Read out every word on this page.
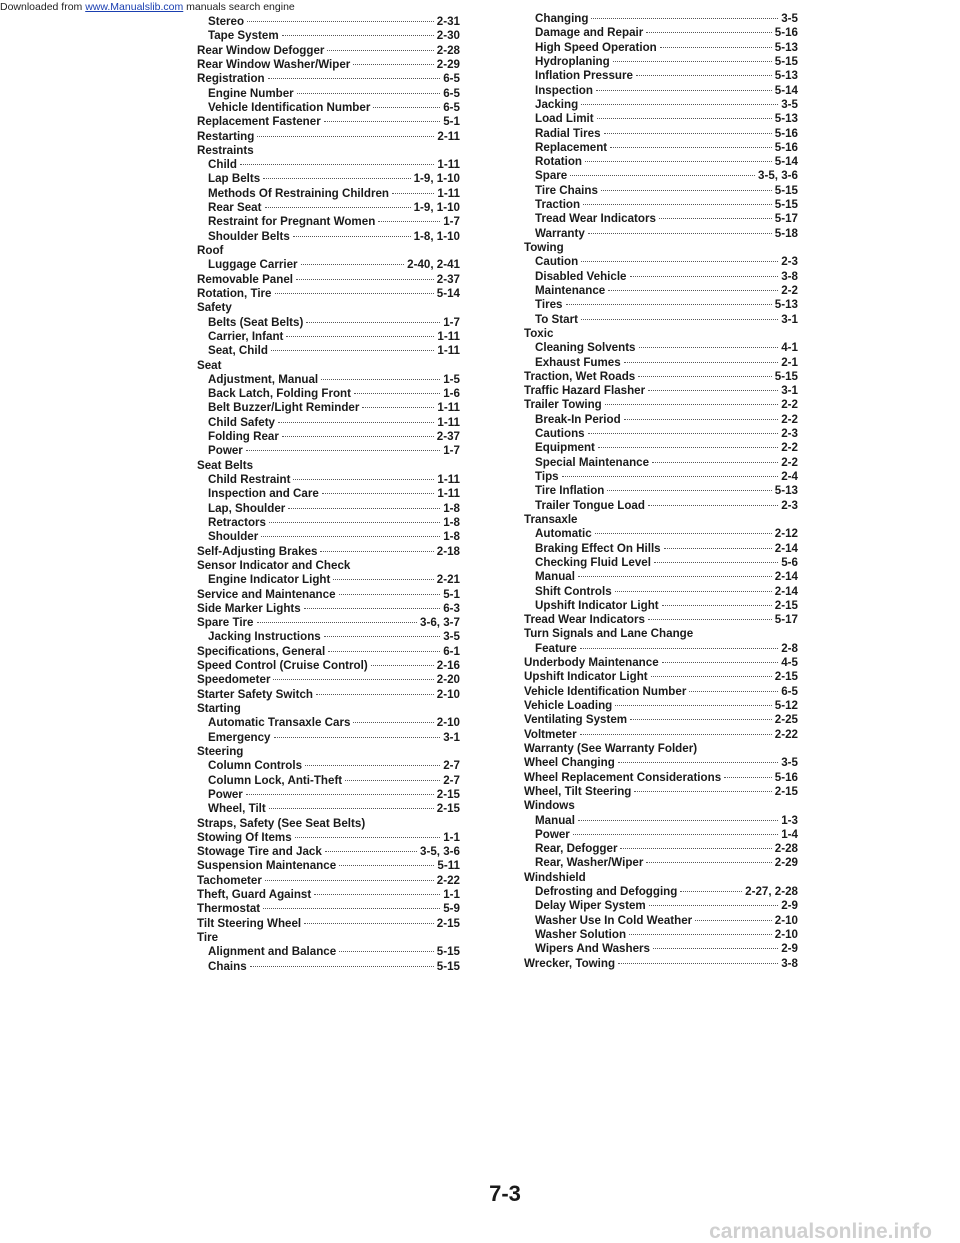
Downloaded from www.Manualslib.com manuals search engine
Stereo	2-31
Tape System	2-30
Rear Window Defogger	2-28
Rear Window Washer/Wiper	2-29
Registration	6-5
Engine Number	6-5
Vehicle Identification Number	6-5
Replacement Fastener	5-1
Restarting	2-11
Restraints
Child	1-11
Lap Belts	1-9, 1-10
Methods Of Restraining Children	1-11
Rear Seat	1-9, 1-10
Restraint for Pregnant Women	1-7
Shoulder Belts	1-8, 1-10
Roof
Luggage Carrier	2-40, 2-41
Removable Panel	2-37
Rotation, Tire	5-14
Safety
Belts (Seat Belts)	1-7
Carrier, Infant	1-11
Seat, Child	1-11
Seat
Adjustment, Manual	1-5
Back Latch, Folding Front	1-6
Belt Buzzer/Light Reminder	1-11
Child Safety	1-11
Folding Rear	2-37
Power	1-7
Seat Belts
Child Restraint	1-11
Inspection and Care	1-11
Lap, Shoulder	1-8
Retractors	1-8
Shoulder	1-8
Self-Adjusting Brakes	2-18
Sensor Indicator and Check
Engine Indicator Light	2-21
Service and Maintenance	5-1
Side Marker Lights	6-3
Spare Tire	3-6, 3-7
Jacking Instructions	3-5
Specifications, General	6-1
Speed Control (Cruise Control)	2-16
Speedometer	2-20
Starter Safety Switch	2-10
Starting
Automatic Transaxle Cars	2-10
Emergency	3-1
Steering
Column Controls	2-7
Column Lock, Anti-Theft	2-7
Power	2-15
Wheel, Tilt	2-15
Straps, Safety (See Seat Belts)
Stowing Of Items	1-1
Stowage Tire and Jack	3-5, 3-6
Suspension Maintenance	5-11
Tachometer	2-22
Theft, Guard Against	1-1
Thermostat	5-9
Tilt Steering Wheel	2-15
Tire
Alignment and Balance	5-15
Chains	5-15
Changing	3-5
Damage and Repair	5-16
High Speed Operation	5-13
Hydroplaning	5-15
Inflation Pressure	5-13
Inspection	5-14
Jacking	3-5
Load Limit	5-13
Radial Tires	5-16
Replacement	5-16
Rotation	5-14
Spare	3-5, 3-6
Tire Chains	5-15
Traction	5-15
Tread Wear Indicators	5-17
Warranty	5-18
Towing
Caution	2-3
Disabled Vehicle	3-8
Maintenance	2-2
Tires	5-13
To Start	3-1
Toxic
Cleaning Solvents	4-1
Exhaust Fumes	2-1
Traction, Wet Roads	5-15
Traffic Hazard Flasher	3-1
Trailer Towing	2-2
Break-In Period	2-2
Cautions	2-3
Equipment	2-2
Special Maintenance	2-2
Tips	2-4
Tire Inflation	5-13
Trailer Tongue Load	2-3
Transaxle
Automatic	2-12
Braking Effect On Hills	2-14
Checking Fluid Level	5-6
Manual	2-14
Shift Controls	2-14
Upshift Indicator Light	2-15
Tread Wear Indicators	5-17
Turn Signals and Lane Change
Feature	2-8
Underbody Maintenance	4-5
Upshift Indicator Light	2-15
Vehicle Identification Number	6-5
Vehicle Loading	5-12
Ventilating System	2-25
Voltmeter	2-22
Warranty (See Warranty Folder)
Wheel Changing	3-5
Wheel Replacement Considerations	5-16
Wheel, Tilt Steering	2-15
Windows
Manual	1-3
Power	1-4
Rear, Defogger	2-28
Rear, Washer/Wiper	2-29
Windshield
Defrosting and Defogging	2-27, 2-28
Delay Wiper System	2-9
Washer Use In Cold Weather	2-10
Washer Solution	2-10
Wipers And Washers	2-9
Wrecker, Towing	3-8
7-3
carmanualsonline.info
